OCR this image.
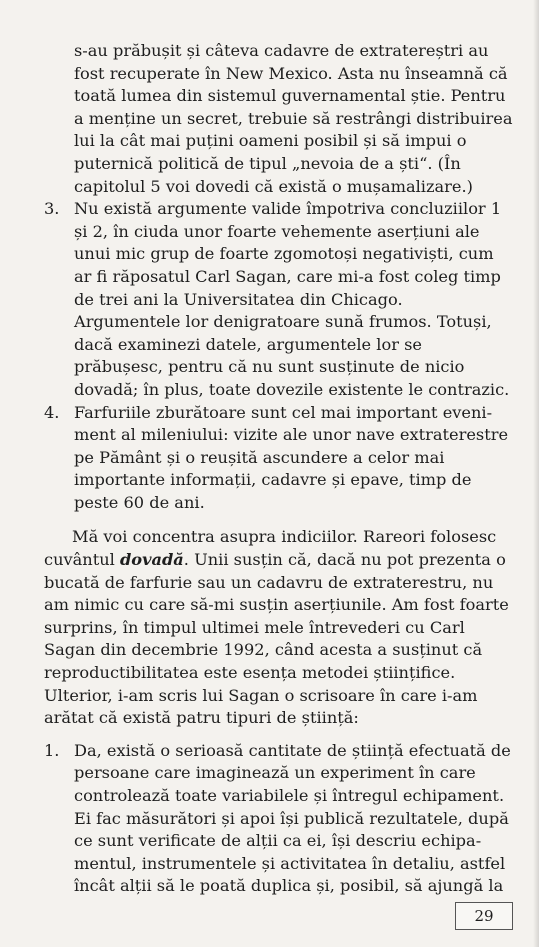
s-au prăbușit și câteva cadavre de extratereștri au fost recuperate în New Mexico. Asta nu înseamnă că toată lumea din sistemul guvernamental știe. Pentru a menține un secret, trebuie să restrângi distribuirea lui la cât mai puțini oameni posibil și să impui o puternică politică de tipul „nevoia de a ști“. (În capitolul 5 voi dovedi că există o mușamalizare.)

3. Nu există argumente valide împotriva concluziilor 1 și 2, în ciuda unor foarte vehemente aserțiuni ale unui mic grup de foarte zgomotoși negativiști, cum ar fi răposatul Carl Sagan, care mi-a fost coleg timp de trei ani la Universitatea din Chicago. Argumentele lor denigratoare sună frumos. Totuși, dacă examinezi datele, argumentele lor se prăbușesc, pentru că nu sunt susținute de nicio dovadă; în plus, toate dovezile existente le contrazic.
4. Farfuriile zburătoare sunt cel mai important eveniment al mileniului: vizite ale unor nave extraterestre pe Pământ și o reușită ascundere a celor mai importante informații, cadavre și epave, timp de peste 60 de ani.

Mă voi concentra asupra indiciilor. Rareori folosesc cuvântul dovadă. Unii susțin că, dacă nu pot prezenta o bucată de farfurie sau un cadavru de extraterestru, nu am nimic cu care să-mi susțin aserțiunile. Am fost foarte surprins, în timpul ultimei mele întrevederi cu Carl Sagan din decembrie 1992, când acesta a susținut că reproductibilitatea este esența metodei științifice. Ulterior, i-am scris lui Sagan o scrisoare în care i-am arătat că există patru tipuri de știință:

1. Da, există o serioasă cantitate de știință efectuată de persoane care imaginează un experiment în care controlează toate variabilele și întregul echipament. Ei fac măsurători și apoi își publică rezultatele, după ce sunt verificate de alții ca ei, își descriu echipamentul, instrumentele și activitatea în detaliu, astfel încât alții să le poată duplica și, posibil, să ajungă la
29
